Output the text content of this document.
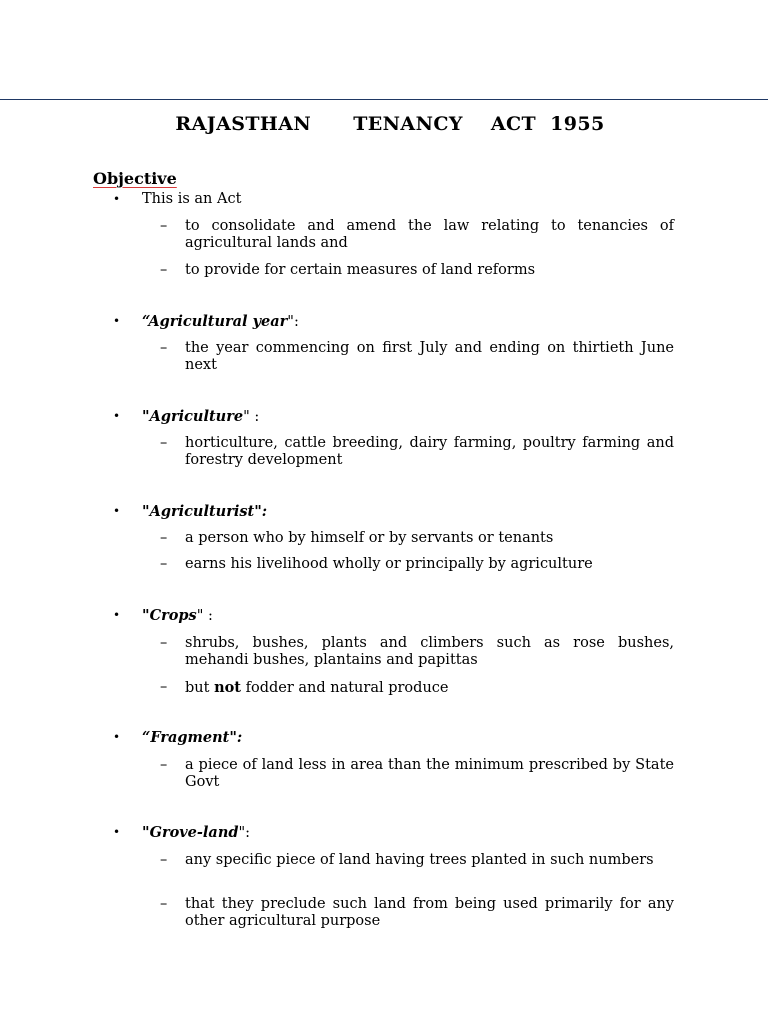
RAJASTHAN      TENANCY    ACT  1955
Objective
• This is an Act
– to consolidate and amend the law relating to tenancies of agricultural lands and
– to provide for certain measures of land reforms
• “Agricultural year":
– the year commencing on first July and ending on thirtieth June next
• "Agriculture" :
– horticulture, cattle breeding, dairy farming, poultry farming and forestry development
• "Agriculturist":
– a person who by himself or by servants or tenants
– earns his livelihood wholly or principally by agriculture
• "Crops" :
– shrubs, bushes, plants and climbers such as rose bushes, mehandi bushes, plantains and papittas
– but not fodder and natural produce
• “Fragment":
– a piece of land less in area than the minimum prescribed by State Govt
• "Grove-land":
– any specific piece of land having trees planted in such numbers
– that they preclude such land from being used primarily for any other agricultural purpose
